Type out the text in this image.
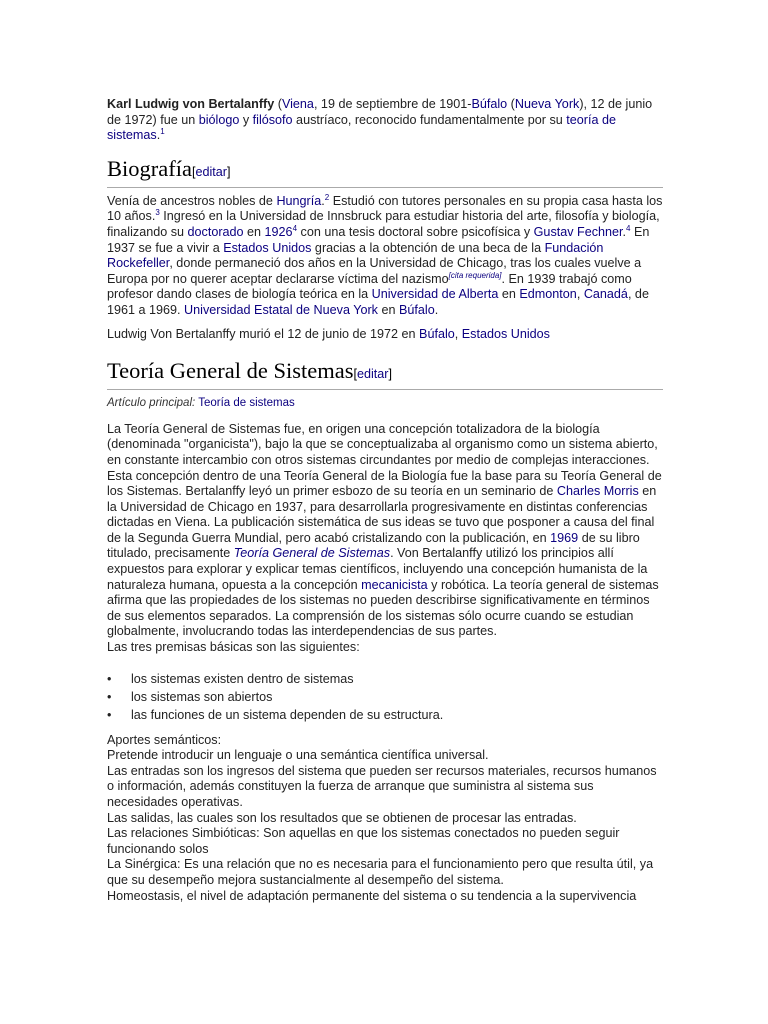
Karl Ludwig von Bertalanffy (Viena, 19 de septiembre de 1901-Búfalo (Nueva York), 12 de junio de 1972) fue un biólogo y filósofo austríaco, reconocido fundamentalmente por su teoría de sistemas.$^1$

Biografía[editar]

Venía de ancestros nobles de Hungría.$^2$ Estudió con tutores personales en su propia casa hasta los 10 años.$^3$ Ingresó en la Universidad de Innsbruck para estudiar historia del arte, filosofía y biología, finalizando su doctorado en 1926$^4$ con una tesis doctoral sobre psicofísica y Gustav Fechner.$^4$ En 1937 se fue a vivir a Estados Unidos gracias a la obtención de una beca de la Fundación Rockefeller, donde permaneció dos años en la Universidad de Chicago, tras los cuales vuelve a Europa por no querer aceptar declararse víctima del nazismo[cita requerida]. En 1939 trabajó como profesor dando clases de biología teórica en la Universidad de Alberta en Edmonton, Canadá, de 1961 a 1969. Universidad Estatal de Nueva York en Búfalo.

Ludwig Von Bertalanffy murió el 12 de junio de 1972 en Búfalo, Estados Unidos

Teoría General de Sistemas[editar]

Artículo principal: Teoría de sistemas

La Teoría General de Sistemas fue, en origen una concepción totalizadora de la biología (denominada "organicista"), bajo la que se conceptualizaba al organismo como un sistema abierto, en constante intercambio con otros sistemas circundantes por medio de complejas interacciones. Esta concepción dentro de una Teoría General de la Biología fue la base para su Teoría General de los Sistemas. Bertalanffy leyó un primer esbozo de su teoría en un seminario de Charles Morris en la Universidad de Chicago en 1937, para desarrollarla progresivamente en distintas conferencias dictadas en Viena. La publicación sistemática de sus ideas se tuvo que posponer a causa del final de la Segunda Guerra Mundial, pero acabó cristalizando con la publicación, en 1969 de su libro titulado, precisamente Teoría General de Sistemas. Von Bertalanffy utilizó los principios allí expuestos para explorar y explicar temas científicos, incluyendo una concepción humanista de la naturaleza humana, opuesta a la concepción mecanicista y robótica. La teoría general de sistemas afirma que las propiedades de los sistemas no pueden describirse significativamente en términos de sus elementos separados. La comprensión de los sistemas sólo ocurre cuando se estudian globalmente, involucrando todas las interdependencias de sus partes.

Las tres premisas básicas son las siguientes:

• los sistemas existen dentro de sistemas
• los sistemas son abiertos
• las funciones de un sistema dependen de su estructura.

Aportes semánticos:

Pretende introducir un lenguaje o una semántica científica universal.

Las entradas son los ingresos del sistema que pueden ser recursos materiales, recursos humanos o información, además constituyen la fuerza de arranque que suministra al sistema sus necesidades operativas.

Las salidas, las cuales son los resultados que se obtienen de procesar las entradas.

Las relaciones Simbióticas: Son aquellas en que los sistemas conectados no pueden seguir funcionando solos

La Sinérgica: Es una relación que no es necesaria para el funcionamiento pero que resulta útil, ya que su desempeño mejora sustancialmente al desempeño del sistema.

Homeostasis, el nivel de adaptación permanente del sistema o su tendencia a la supervivencia
